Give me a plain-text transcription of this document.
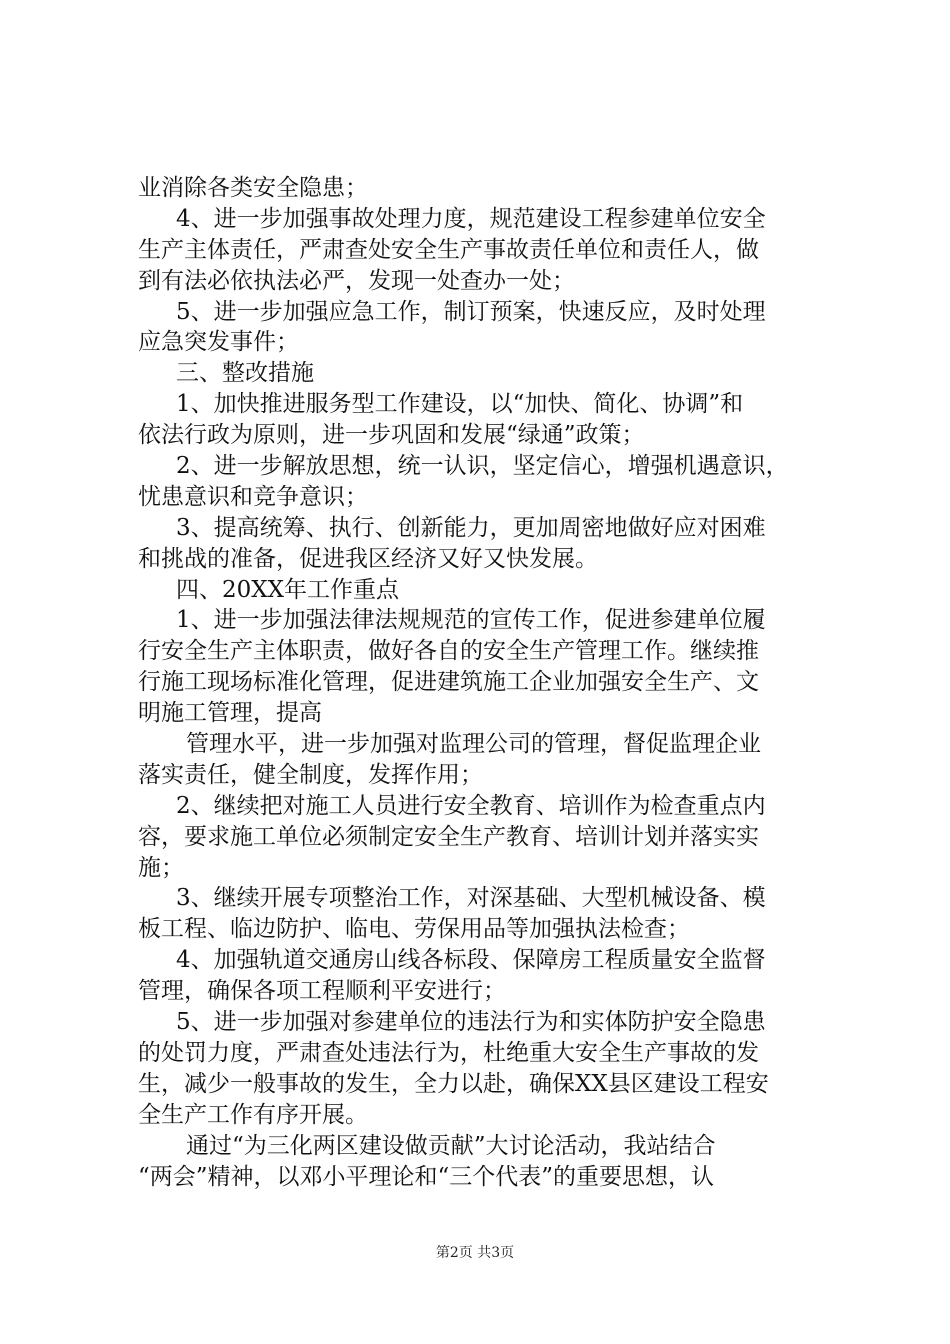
业消除各类安全隐患；
4、进一步加强事故处理力度，规范建设工程参建单位安全
生产主体责任，严肃查处安全生产事故责任单位和责任人，做
到有法必依执法必严，发现一处查办一处；
5、进一步加强应急工作，制订预案，快速反应，及时处理
应急突发事件；
三、整改措施
1、加快推进服务型工作建设，以“加快、简化、协调”和
依法行政为原则，进一步巩固和发展“绿通”政策；
2、进一步解放思想，统一认识，坚定信心，增强机遇意识，
忧患意识和竞争意识；
3、提高统筹、执行、创新能力，更加周密地做好应对困难
和挑战的准备，促进我区经济又好又快发展。
四、20XX年工作重点
1、进一步加强法律法规规范的宣传工作，促进参建单位履
行安全生产主体职责，做好各自的安全生产管理工作。继续推
行施工现场标准化管理，促进建筑施工企业加强安全生产、文
明施工管理，提高
管理水平，进一步加强对监理公司的管理，督促监理企业
落实责任，健全制度，发挥作用；
2、继续把对施工人员进行安全教育、培训作为检查重点内
容，要求施工单位必须制定安全生产教育、培训计划并落实实
施；
3、继续开展专项整治工作，对深基础、大型机械设备、模
板工程、临边防护、临电、劳保用品等加强执法检查；
4、加强轨道交通房山线各标段、保障房工程质量安全监督
管理，确保各项工程顺利平安进行；
5、进一步加强对参建单位的违法行为和实体防护安全隐患
的处罚力度，严肃查处违法行为，杜绝重大安全生产事故的发
生，减少一般事故的发生，全力以赴，确保XX县区建设工程安
全生产工作有序开展。
通过“为三化两区建设做贡献”大讨论活动，我站结合
“两会”精神，以邓小平理论和“三个代表”的重要思想，认
第2页 共3页
